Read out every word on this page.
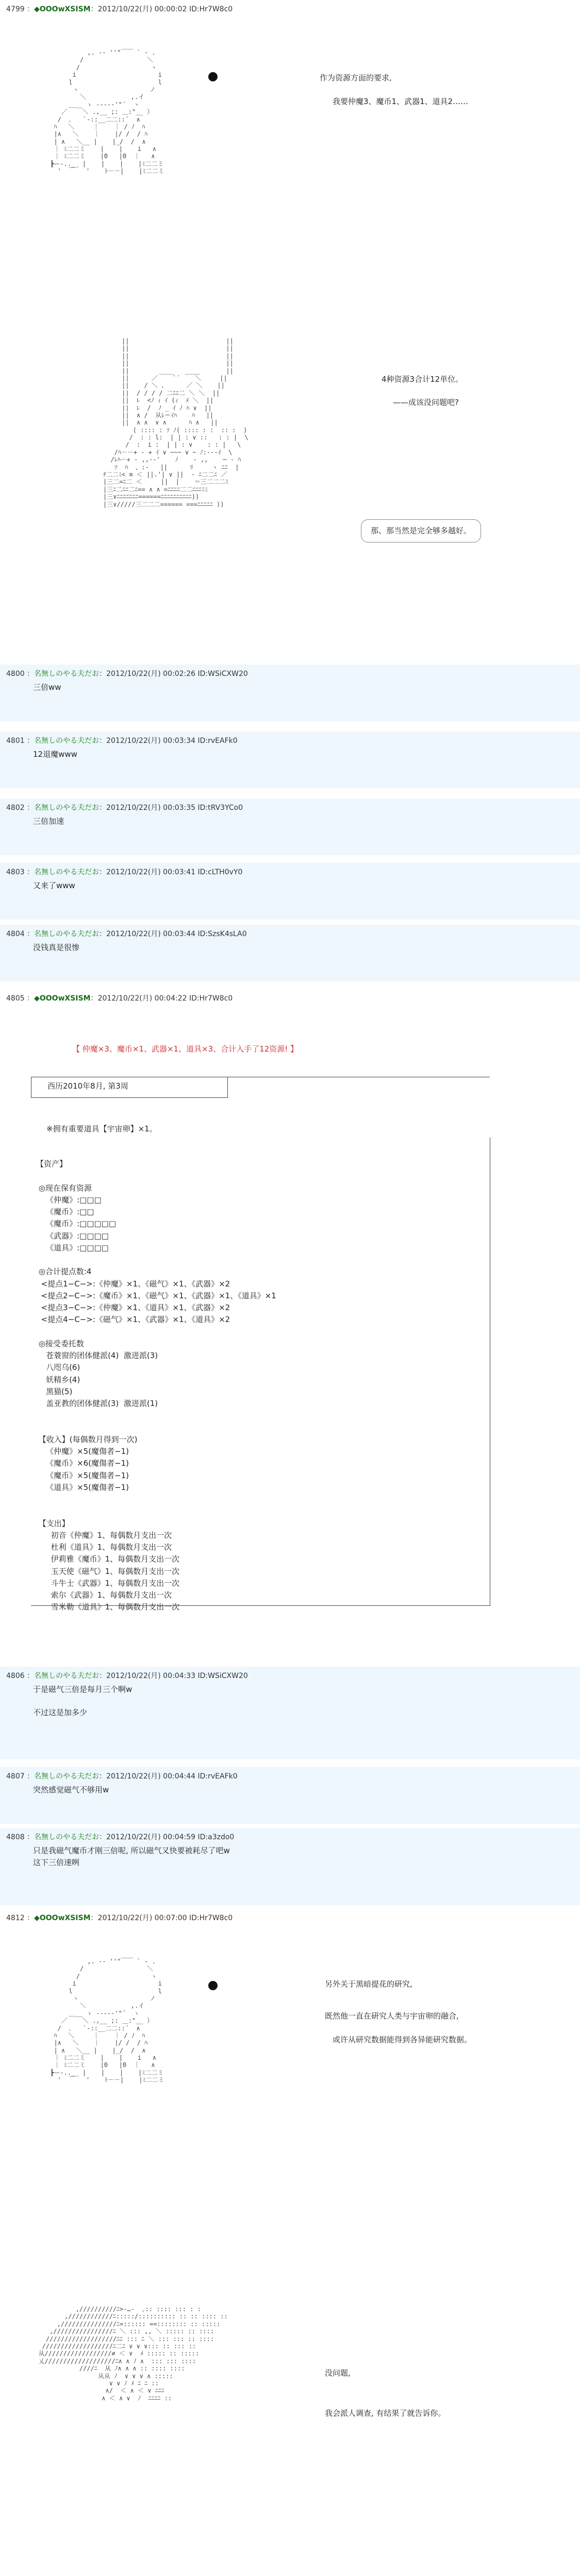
4799 ：◆OOOwXSISM：2012/10/22(月) 00:00:02 ID:Hr7W8c0
,. -‐ ''"￣￣ ` ‐ .
/                 ＼
/                   ヽ
i                      i
l                       l
ヽ                   ノ
＼            ,.イ
＿__ ゝ ---‐‐'"´  ヽ
／    ＼ .,__ ;: ＿:"__ ）
/  ､   `‐::__二二::´  ∧
ﾊ   ＼     ｜    ｜ / ﾉ  ﾊ
|∧   ＼    ｜    |/ /  / ﾊ
| ∧   ＼__ |    |_/  /  ∧
｜ ﾐ二二ミ    |    |    i   ∧
｜ ﾐ二二ミ    |0   |0  ｜   ∧
┣ー-..__ |    |    |    |ﾐ二二ミ
'  ￣   '    ﾄ－－|    |ﾐ二二ミ
作为资源方面的要求,
我要仲魔3、魔币1、武器1、道具2……
||                          ||
||                          ||
||                          ||
||                          ||
||        ____   ____       ||
||      ／    `´    ＼     ||
||    / ＼ 、     ／ ＼    ||
||  / / / / 二ﾆﾆ二 ＼ ＼  ||
||  ﾚ  <ﾉ ｨ ｲ (ｨ  ﾒ ＼  ||
||  ﾚ  /  ﾉ _ ｲ ﾉ ﾊ ∨  ||
||  ∧ /  从ﾚ＝ｲﾊ    ﾊ   ||
||  ∧ ∧  ∨ ∧      ﾊ ∧   ||
( :::: : ｿ ﾉ( :::: : :  :: :  )
/  : : l:  | | : ∨ ::   : : |  \
/  :  i :  | | : ∨    : : |   \
/ﾊ－－+ - + ｲ ∨ ~~~ ∨ ~ ﾉ:---ｲ  \
/ﾚﾊ－+ ‐ ,,-‐'    ﾉ    ‐ ,,    ─ ‐ ﾊ
ｿ  ﾊ  、:-   ||      ﾘ     ヽ ﾆﾆ  |
ﾁ二二ﾐ< ≡ ＜ ||.'| ∨ ||  ‐ ﾆ二二ﾆ ／
|三二=ﾆ二 ＜     ||  |    ＝三二二二ﾐ
|三ﾆ二ﾆﾆ二ﾆ== ∧ ∧ =ﾆﾆﾆﾆ二二ﾆﾆﾆﾐﾐ
|三∨ﾆﾆﾆﾆﾆﾆﾆ======ﾆﾆﾆﾆﾆﾆﾆﾆﾆﾆ))
|三∨/////三二二二====== ===ﾆﾆﾆﾆﾆ ))
4种资源3合计12单位。
——成该没问题吧?
那、那当然是完全够多越好。
4800 ：名無しのやる夫だお：2012/10/22(月) 00:02:26 ID:WSiCXW20
三倍ww
4801 ：名無しのやる夫だお：2012/10/22(月) 00:03:34 ID:rvEAFk0
12退魔www
4802 ：名無しのやる夫だお：2012/10/22(月) 00:03:35 ID:tRV3YCo0
三倍加速
4803 ：名無しのやる夫だお：2012/10/22(月) 00:03:41 ID:cLTH0vY0
又来了www
4804 ：名無しのやる夫だお：2012/10/22(月) 00:03:44 ID:SzsK4sLA0
没钱真是很惨
4805 ：◆OOOwXSISM：2012/10/22(月) 00:04:22 ID:Hr7W8c0
【 仲魔×3、魔币×1、武器×1、道具×3、合计入手了12资源! 】
西历2010年8月, 第3周
※拥有重要道具【宇宙卵】×1。
【资产】

◎现在保有资源
《仲魔》:□□□
《魔币》:□□
《魔币》:□□□□□
《武器》:□□□□
《道具》:□□□□

◎合计提点数:4
<提点1−C−>:《仲魔》×1、《磁气》×1、《武器》×2
<提点2−C−>:《魔币》×1、《磁气》×1、《武器》×1、《道具》×1
<提点3−C−>:《仲魔》×1、《道具》×1、《武器》×2
<提点4−C−>:《磁气》×1、《武器》×1、《道具》×2

◎接受委托数
苍蓑窗的团体健派(4)  激进派(3)
八咫乌(6)
妖精乡(4)
黑猫(5)
盖亚教的团体健派(3)  激进派(1)

【收入】(每偶数月得到一次)
《仲魔》×5(魔傷者−1)
《魔币》×6(魔傷者−1)
《魔币》×5(魔傷者−1)
《道具》×5(魔傷者−1)

【支出】
初音《仲魔》1、每偶数月支出一次
杜利《道具》1、每偶数月支出一次
伊莉雅《魔币》1、每偶数月支出一次
玉天使《磁气》1、每偶数月支出一次
斗牛士《武器》1、每偶数月支出一次
索尔《武器》1、每偶数月支出一次
雪米勒《道具》1、每偶数月支出一次
4806 ：名無しのやる夫だお：2012/10/22(月) 00:04:33 ID:WSiCXW20
于是磁气三倍是每月三个啊w
不过这是加多少
4807 ：名無しのやる夫だお：2012/10/22(月) 00:04:44 ID:rvEAFk0
突然感觉磁气不够用w
4808 ：名無しのやる夫だお：2012/10/22(月) 00:04:59 ID:a3zdo0
只是我磁气魔币才刚三倍呢, 所以磁气又快要被耗尽了吧w
这下三倍速咧
4812 ：◆OOOwXSISM：2012/10/22(月) 00:07:00 ID:Hr7W8c0
,. -‐ ''"￣￣ ` ‐ .
/                 ＼
/                   ヽ
i                      i
l                       l
ヽ                   ノ
＼            ,.イ
＿__ ゝ ---‐‐'"´  ヽ
／    ＼ .,__ ;: ＿:"__ ）
/  ､   `‐::__二二::´  ∧
ﾊ   ＼     ｜    ｜ / ﾉ  ﾊ
|∧   ＼    ｜    |/ /  / ﾊ
| ∧   ＼__ |    |_/  /  ∧
｜ ﾐ二二ミ    |    |    i   ∧
｜ ﾐ二二ミ    |0   |0  ｜   ∧
┣ー-..__ |    |    |    |ﾐ二二ミ
'  ￣   '    ﾄ－－|    |ﾐ二二ミ
另外关于黑暗提花的研究,
既然他一直在研究人类与宇宙卵的融合,
或许从研究数据能得到各异能研究数据。
,//////////ﾆ>-…‐  ､:: :::: ::: : :
,////////////ﾆ:::::/:::::::::: :: :: :::: ::
,///////////////ﾆ=:::::: ==:::::::: :: :::::
,////////////////ﾆ ＼ ::: ,, ＼ ::::: :: ::::
///////////////////ﾆﾆ ::: ﾆ ＼ ::: ::: :: ::::
///////////////////ﾆ二ﾆ ∨ ∨ ∨::: :: ::: ::
从//////////////////≠ ＜ ∨  ﾒ ::::: :: :::::
乂///////////////////ﾆ∧ ∧ ﾉ ∧  ::: ::: ::::
////ﾆ  从 ﾉ∧ ∧ ∧ :: :::: ::::
从从 ﾉ  ∨ ∨ ∨ ∧ :::::
∨ ∨ ﾉ ﾒ ﾆ ﾆ ::
∧/  ＜ ∧ ＜ ∨ ﾆﾆﾆ
∧ ＜ ∧ ∨  ﾉ  ﾆﾆﾆﾆ ::
没问题,
我会派人调查, 有结果了就告诉你。
